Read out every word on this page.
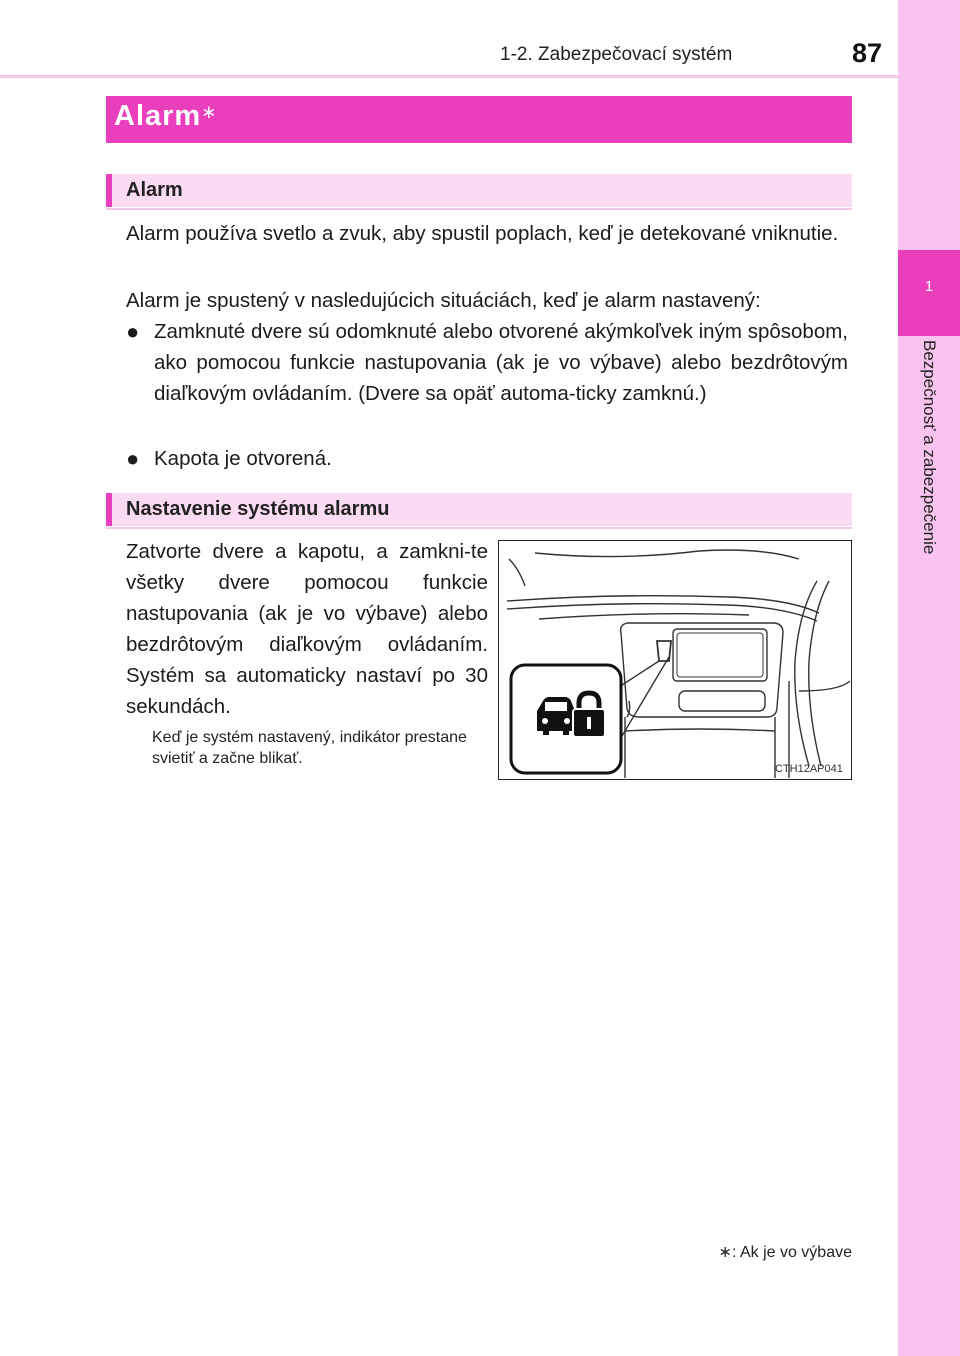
1-2. Zabezpečovací systém	87
1
Bezpečnosť a zabezpečenie
Alarm∗
Alarm
Alarm používa svetlo a zvuk, aby spustil poplach, keď je detekované vniknutie.
Alarm je spustený v nasledujúcich situáciách, keď je alarm nastavený:
● Zamknuté dvere sú odomknuté alebo otvorené akýmkoľvek iným spôsobom, ako pomocou funkcie nastupovania (ak je vo výbave) alebo bezdrôtovým diaľkovým ovládaním. (Dvere sa opäť automa-ticky zamknú.)
● Kapota je otvorená.
Nastavenie systému alarmu
Zatvorte dvere a kapotu, a zamkni-te všetky dvere pomocou funkcie nastupovania (ak je vo výbave) alebo bezdrôtovým diaľkovým ovládaním. Systém sa automaticky nastaví po 30 sekundách.
Keď je systém nastavený, indikátor prestane svietiť a začne blikať.
CTH12AP041
∗: Ak je vo výbave
